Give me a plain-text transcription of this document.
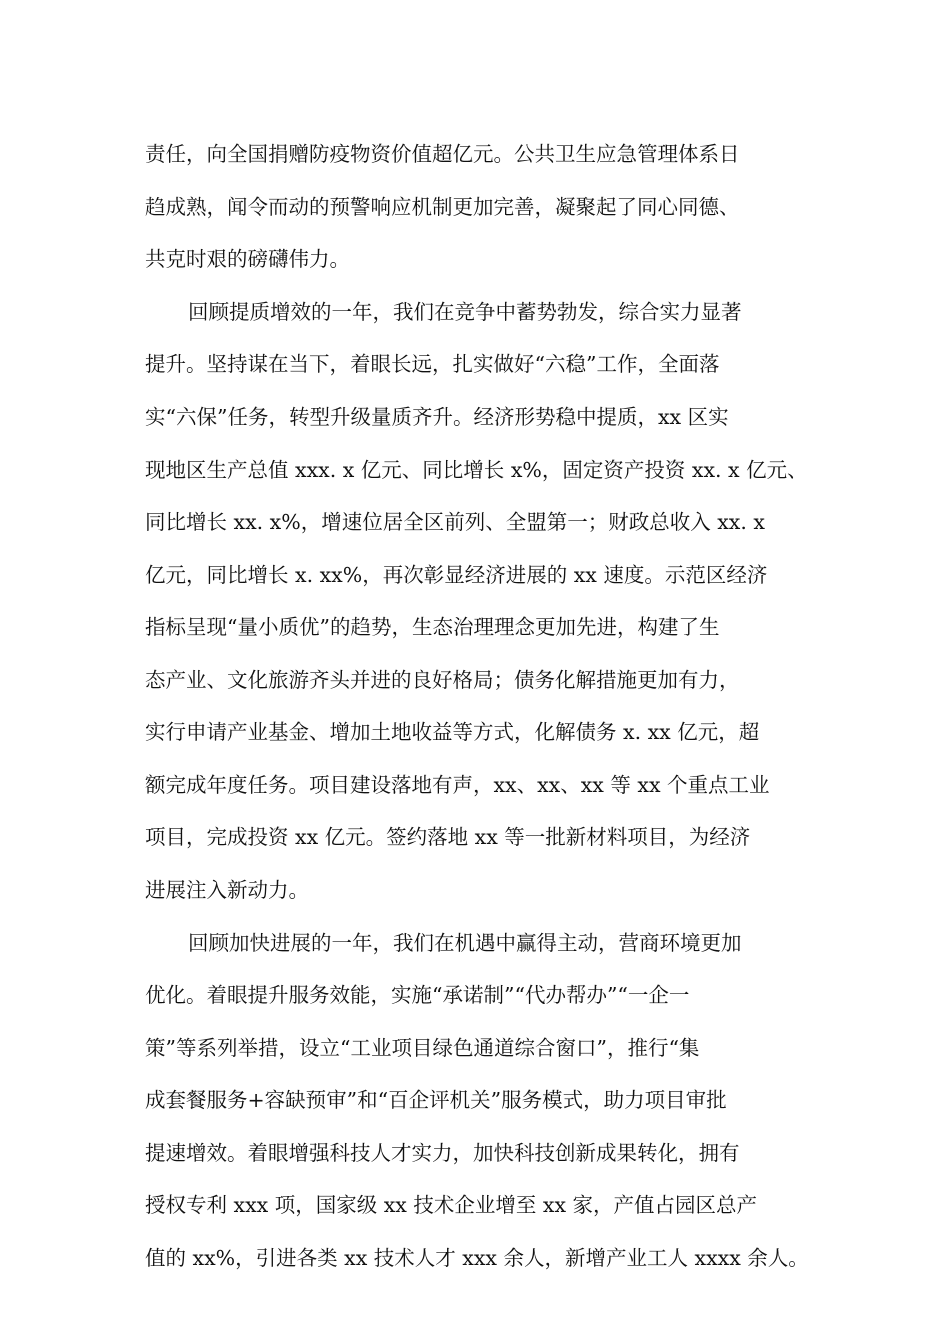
责任，向全国捐赠防疫物资价值超亿元。公共卫生应急管理体系日

趋成熟，闻令而动的预警响应机制更加完善，凝聚起了同心同德、

共克时艰的磅礴伟力。

回顾提质增效的一年，我们在竞争中蓄势勃发，综合实力显著

提升。坚持谋在当下，着眼长远，扎实做好“六稳”工作，全面落

实“六保”任务，转型升级量质齐升。经济形势稳中提质，xx 区实

现地区生产总值 xxx. x 亿元、同比增长 x%，固定资产投资 xx. x 亿元、

同比增长 xx. x%，增速位居全区前列、全盟第一；财政总收入 xx. x

亿元，同比增长 x. xx%，再次彰显经济进展的 xx 速度。示范区经济

指标呈现“量小质优”的趋势，生态治理理念更加先进，构建了生

态产业、文化旅游齐头并进的良好格局；债务化解措施更加有力，

实行申请产业基金、增加土地收益等方式，化解债务 x. xx 亿元，超

额完成年度任务。项目建设落地有声，xx、xx、xx 等 xx 个重点工业

项目，完成投资 xx 亿元。签约落地 xx 等一批新材料项目，为经济

进展注入新动力。

回顾加快进展的一年，我们在机遇中赢得主动，营商环境更加

优化。着眼提升服务效能，实施“承诺制”“代办帮办”“一企一

策”等系列举措，设立“工业项目绿色通道综合窗口”，推行“集

成套餐服务+容缺预审”和“百企评机关”服务模式，助力项目审批

提速增效。着眼增强科技人才实力，加快科技创新成果转化，拥有

授权专利 xxx 项，国家级 xx 技术企业增至 xx 家，产值占园区总产

值的 xx%，引进各类 xx 技术人才 xxx 余人，新增产业工人 xxxx 余人。
